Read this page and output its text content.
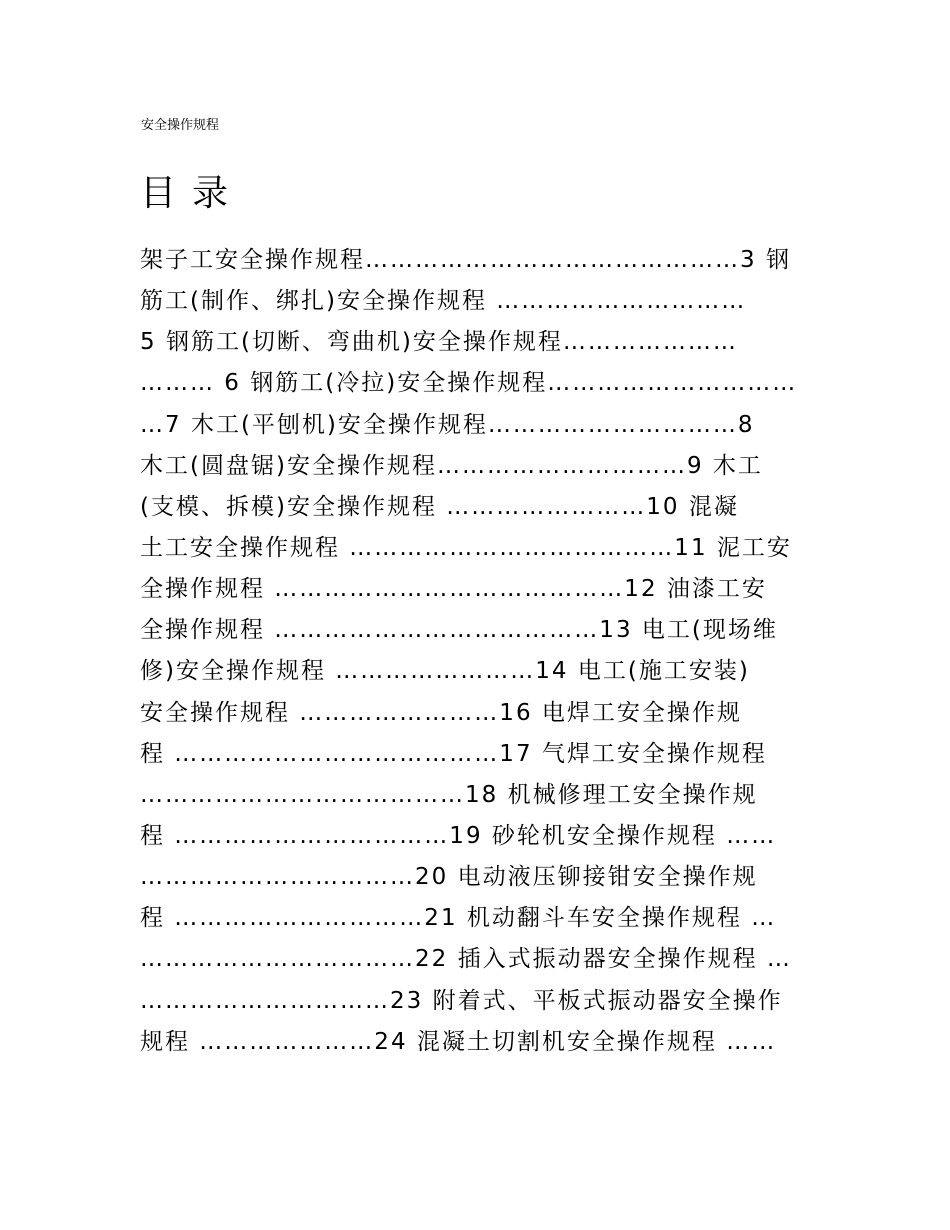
安全操作规程
目录
架子工安全操作规程………………………………………3 钢
筋工(制作、绑扎)安全操作规程 …………………………
5 钢筋工(切断、弯曲机)安全操作规程…………………
……… 6 钢筋工(冷拉)安全操作规程…………………………
…7 木工(平刨机)安全操作规程…………………………8
木工(圆盘锯)安全操作规程…………………………9 木工
(支模、拆模)安全操作规程 ……………………10 混凝
土工安全操作规程 …………………………………11 泥工安
全操作规程 ……………………………………12 油漆工安
全操作规程 …………………………………13 电工(现场维
修)安全操作规程 ……………………14 电工(施工安装)
安全操作规程 ……………………16 电焊工安全操作规
程 …………………………………17 气焊工安全操作规程
…………………………………18 机械修理工安全操作规
程 ……………………………19 砂轮机安全操作规程 ……
……………………………20 电动液压铆接钳安全操作规
程 …………………………21 机动翻斗车安全操作规程 …
……………………………22 插入式振动器安全操作规程 …
…………………………23 附着式、平板式振动器安全操作
规程 …………………24 混凝土切割机安全操作规程 ……
